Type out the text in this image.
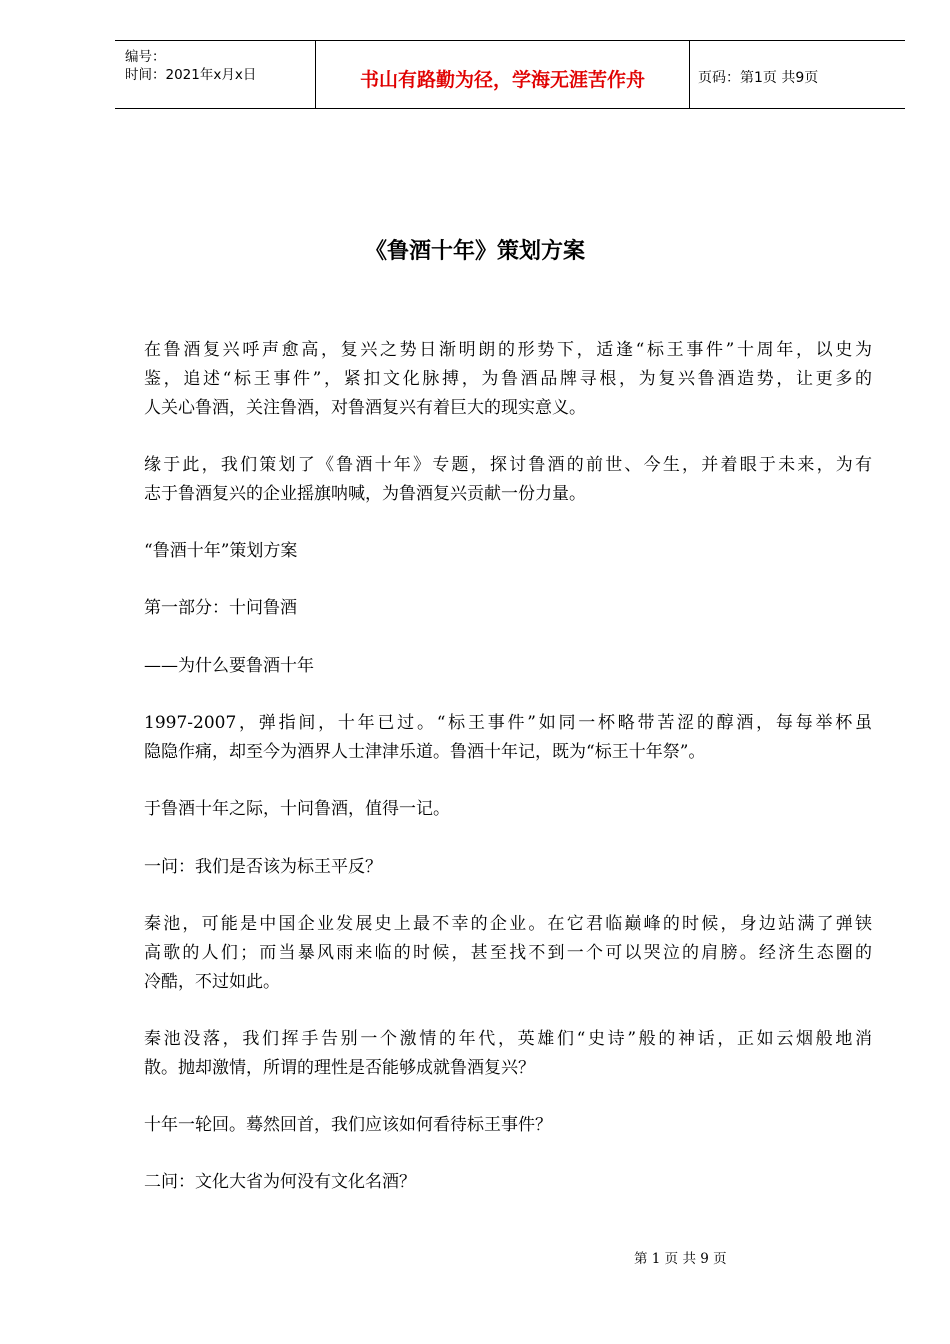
编号：
时间：2021年x月x日	书山有路勤为径，学海无涯苦作舟	页码：第1页 共9页
《鲁酒十年》策划方案
在鲁酒复兴呼声愈高，复兴之势日渐明朗的形势下，适逢“标王事件”十周年，以史为
鉴，追述“标王事件”，紧扣文化脉搏，为鲁酒品牌寻根，为复兴鲁酒造势，让更多的
人关心鲁酒，关注鲁酒，对鲁酒复兴有着巨大的现实意义。
缘于此，我们策划了《鲁酒十年》专题，探讨鲁酒的前世、今生，并着眼于未来，为有
志于鲁酒复兴的企业摇旗呐喊，为鲁酒复兴贡献一份力量。
“鲁酒十年”策划方案
第一部分：十问鲁酒
——为什么要鲁酒十年
1997-2007，弹指间，十年已过。“标王事件”如同一杯略带苦涩的醇酒，每每举杯虽
隐隐作痛，却至今为酒界人士津津乐道。鲁酒十年记，既为“标王十年祭”。
于鲁酒十年之际，十问鲁酒，值得一记。
一问：我们是否该为标王平反？
秦池，可能是中国企业发展史上最不幸的企业。在它君临巅峰的时候，身边站满了弹铗
高歌的人们；而当暴风雨来临的时候，甚至找不到一个可以哭泣的肩膀。经济生态圈的
冷酷，不过如此。
秦池没落，我们挥手告别一个激情的年代，英雄们“史诗”般的神话，正如云烟般地消
散。抛却激情，所谓的理性是否能够成就鲁酒复兴？
十年一轮回。蓦然回首，我们应该如何看待标王事件？
二问：文化大省为何没有文化名酒？
第 1 页 共 9 页
